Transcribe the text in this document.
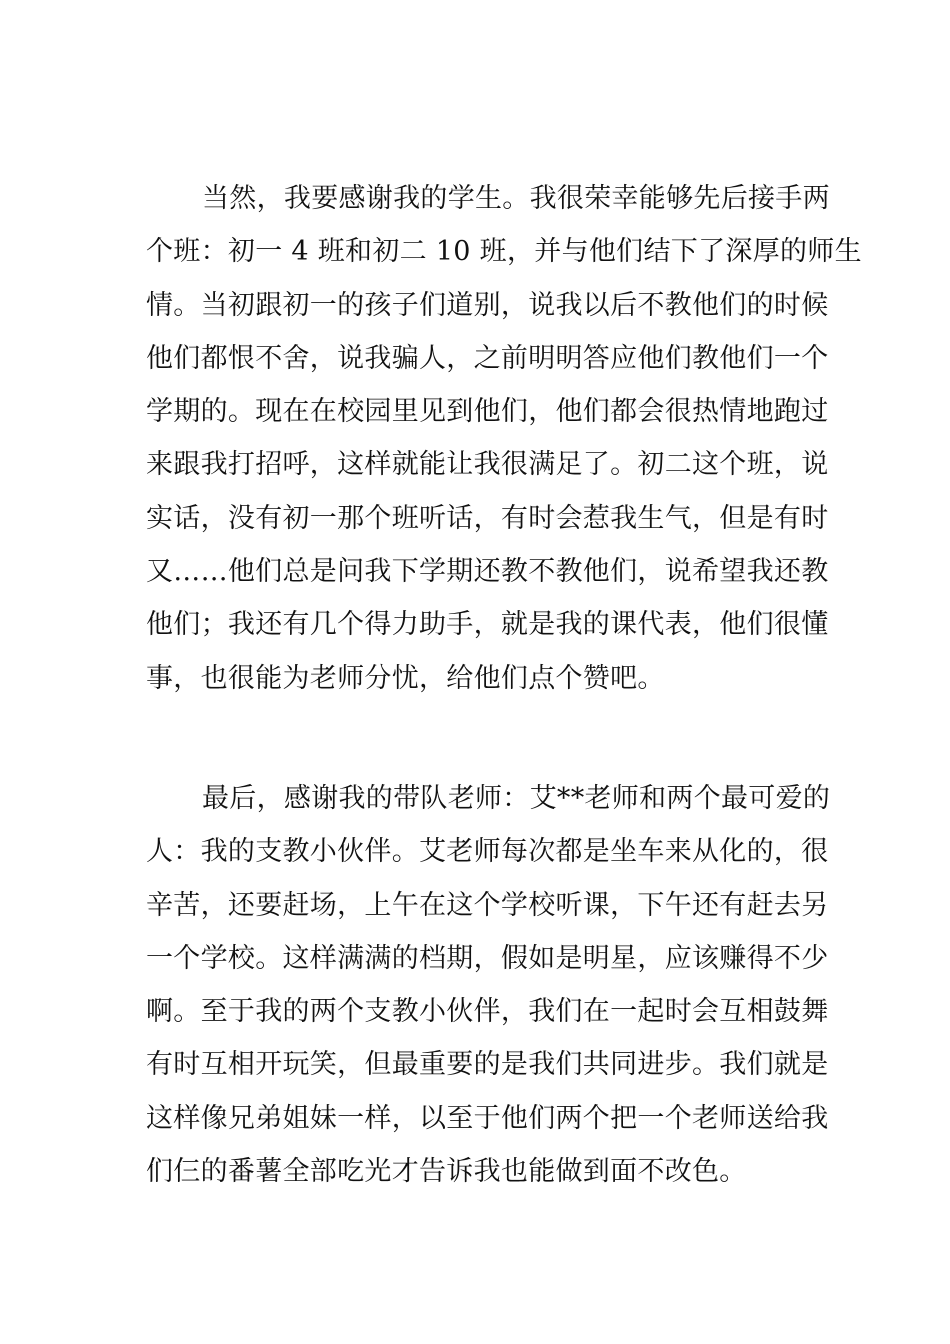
当然，我要感谢我的学生。我很荣幸能够先后接手两
个班：初一 4 班和初二 10 班，并与他们结下了深厚的师生
情。当初跟初一的孩子们道别，说我以后不教他们的时候
他们都恨不舍，说我骗人，之前明明答应他们教他们一个
学期的。现在在校园里见到他们，他们都会很热情地跑过
来跟我打招呼，这样就能让我很满足了。初二这个班，说
实话，没有初一那个班听话，有时会惹我生气，但是有时
又……他们总是问我下学期还教不教他们，说希望我还教
他们；我还有几个得力助手，就是我的课代表，他们很懂
事，也很能为老师分忧，给他们点个赞吧。
最后，感谢我的带队老师：艾**老师和两个最可爱的
人：我的支教小伙伴。艾老师每次都是坐车来从化的，很
辛苦，还要赶场，上午在这个学校听课，下午还有赶去另
一个学校。这样满满的档期，假如是明星，应该赚得不少
啊。至于我的两个支教小伙伴，我们在一起时会互相鼓舞
有时互相开玩笑，但最重要的是我们共同进步。我们就是
这样像兄弟姐妹一样，以至于他们两个把一个老师送给我
们仨的番薯全部吃光才告诉我也能做到面不改色。
